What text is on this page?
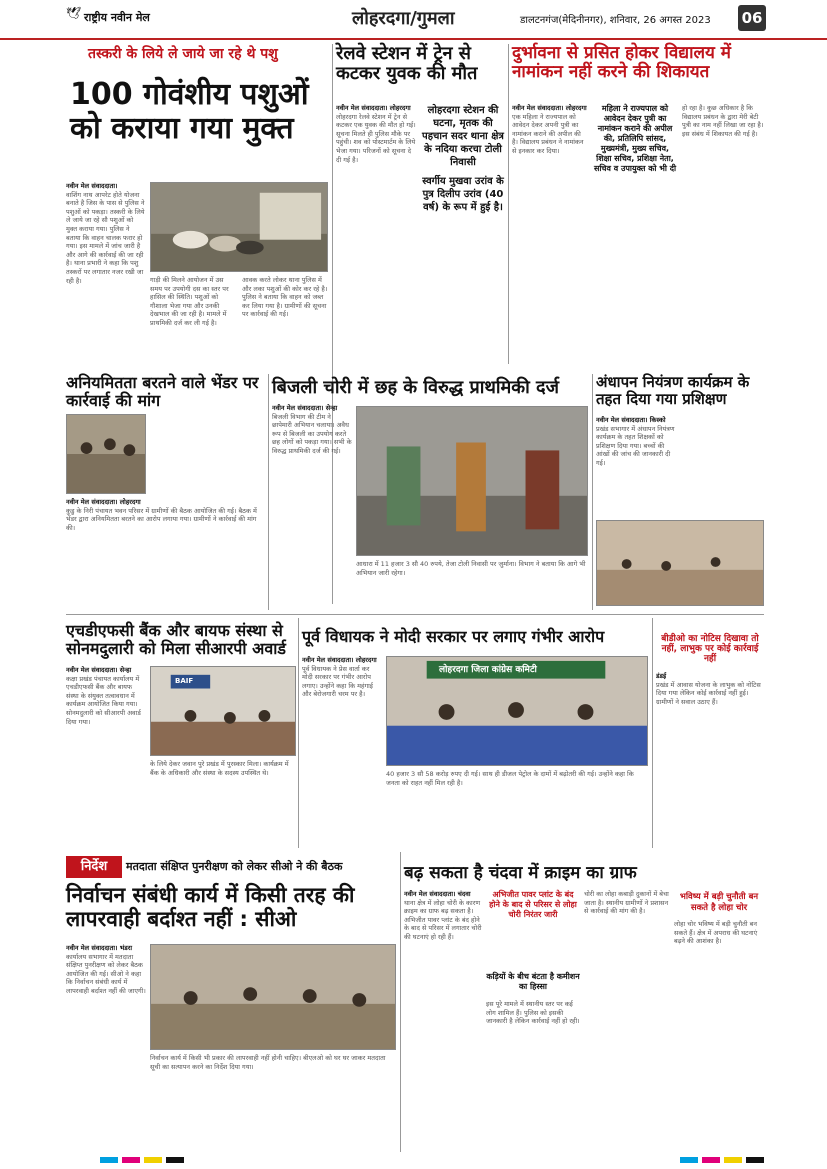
🕊 राष्ट्रीय नवीन मेल	लोहरदगा/गुमला	डालटनगंज(मेदिनीनगर), शनिवार, 26 अगस्त 2023 06
तस्करी के लिये ले जाये जा रहे थे पशु
100 गोवंशीय पशुओं को कराया गया मुक्त
नवीन मेल संवाददाता।
वाशिंग नाथ आपरेट होते योजना बनाते है जिस के पास से पुलिस ने पशुओं को पकड़ा। तस्करी के लिये ले जाये जा रहे सौ पशुओं को मुक्त कराया गया। पुलिस ने बताया कि वाहन चालक फरार हो गया। इस मामले में जांच जारी है और आगे की कार्रवाई की जा रही है। थाना प्रभारी ने कहा कि पशु तस्करों पर लगातार नजर रखी जा रही है।	गाड़ी की मिलने आयोजन में उस समय पर उपयोगी दस का स्तर पर हासिल की स्थिति। पशुओं को गौशाला भेजा गया और उनकी देखभाल की जा रही है। मामले में प्राथमिकी दर्ज कर ली गई है।
आवक करते लोकर थाना पुलिस में और लका पशुओं की कोर कर रहे है। पुलिस ने बताया कि वाहन को जब्त कर लिया गया है। ग्रामीणों की सूचना पर कार्रवाई की गई।
रेलवे स्टेशन में ट्रेन से कटकर युवक की मौत
नवीन मेल संवाददाता। लोहरदगा
लोहरदगा रेलवे स्टेशन में ट्रेन से कटकर एक युवक की मौत हो गई। सूचना मिलते ही पुलिस मौके पर पहुंची। शव को पोस्टमार्टम के लिये भेजा गया। परिजनों को सूचना दे दी गई है।
लोहरदगा स्टेशन की घटना, मृतक की पहचान सदर थाना क्षेत्र के नदिया करचा टोली निवासी
स्वर्गीय मुखवा उरांव के पुत्र दिलीप उरांव (40 वर्ष) के रूप में हुई है।
दुर्भावना से प्रसित होकर विद्यालय में नामांकन नहीं करने की शिकायत
नवीन मेल संवाददाता। लोहरदगा
एक महिला ने राज्यपाल को आवेदन देकर अपनी पुत्री का नामांकन कराने की अपील की है। विद्यालय प्रबंधन ने नामांकन से इनकार कर दिया।
महिला ने राज्यपाल को आवेदन देकर पुत्री का नामांकन कराने की अपील की, प्रतिलिपि सांसद, मुख्यमंत्री, मुख्य सचिव, शिक्षा सचिव, प्रशिक्षा नेता, सचिव व उपायुक्त को भी दी
हो रहा है। कुछ अधिकार है कि विद्यालय प्रबंधन के द्वारा मेरी बेटी पुत्री का नाम नहीं लिखा जा रहा है। इस संबंध में शिकायत की गई है।
अनियमितता बरतने वाले भेंडर पर कार्रवाई की मांग
नवीन मेल संवाददाता। लोहरदगा
कुडु के निरी पंचायत भवन परिसर में ग्रामीणों की बैठक आयोजित की गई। बैठक में भेंडर द्वारा अनियमितता बरतने का आरोप लगाया गया। ग्रामीणों ने कार्रवाई की मांग की।
बिजली चोरी में छह के विरुद्ध प्राथमिकी दर्ज
नवीन मेल संवाददाता। सेन्हा
बिजली विभाग की टीम ने छापेमारी अभियान चलाया। अवैध रूप से बिजली का उपयोग करते छह लोगों को पकड़ा गया। सभी के विरुद्ध प्राथमिकी दर्ज की गई।
आधारा में 11 हजार 3 सौ 40 रुपये, तेजा टोली निवासी पर जुर्माना। विभाग ने बताया कि आगे भी अभियान जारी रहेगा।
अंधापन नियंत्रण कार्यक्रम के तहत दिया गया प्रशिक्षण
नवीन मेल संवाददाता। किस्को
प्रखंड सभागार में अंधापन नियंत्रण कार्यक्रम के तहत शिक्षकों को प्रशिक्षण दिया गया। बच्चों की आंखों की जांच की जानकारी दी गई।
एचडीएफसी बैंक और बायफ संस्था से सोनमदुलारी को मिला सीआरपी अवार्ड
नवीन मेल संवाददाता। सेन्हा
कक्षा प्रखंड पंचायत कार्यालय में एचडीएफसी बैंक और बायफ संस्था के संयुक्त तत्वावधान में कार्यक्रम आयोजित किया गया। सोनमदुलारी को सीआरपी अवार्ड दिया गया।
BAIF
के लिये देकर जवान पुरे प्रखंड में पुरस्कार मिला। कार्यक्रम में बैंक के अधिकारी और संस्था के सदस्य उपस्थित थे।
पूर्व विधायक ने मोदी सरकार पर लगाए गंभीर आरोप
नवीन मेल संवाददाता। लोहरदगा
पूर्व विधायक ने प्रेस वार्ता कर मोदी सरकार पर गंभीर आरोप लगाए। उन्होंने कहा कि महंगाई और बेरोजगारी चरम पर है।
लोहरदगा जिला कांग्रेस कमिटी
40 हजार 3 सौ 58 करोड़ रुपए दी गई। साथ ही डीजल पेट्रोल के दामों में बढ़ोतरी की गई। उन्होंने कहा कि जनता को राहत नहीं मिल रही है।
बीडीओ का नोटिस दिखावा तो नहीं, लाभुक पर कोई कार्रवाई नहीं
डंडई
प्रखंड में आवास योजना के लाभुक को नोटिस दिया गया लेकिन कोई कार्रवाई नहीं हुई। ग्रामीणों ने सवाल उठाए हैं।
निर्देश	मतदाता संक्षिप्त पुनरीक्षण को लेकर सीओ ने की बैठक
निर्वाचन संबंधी कार्य में किसी तरह की लापरवाही बर्दाश्त नहीं : सीओ
नवीन मेल संवाददाता। भंडरा
कार्यालय सभागार में मतदाता संक्षिप्त पुनरीक्षण को लेकर बैठक आयोजित की गई। सीओ ने कहा कि निर्वाचन संबंधी कार्य में लापरवाही बर्दाश्त नहीं की जाएगी।
निर्वाचन कार्य में किसी भी प्रकार की लापरवाही नहीं होनी चाहिए। बीएलओ को घर घर जाकर मतदाता सूची का सत्यापन करने का निर्देश दिया गया।
बढ़ सकता है चंदवा में क्राइम का ग्राफ
नवीन मेल संवाददाता। चंदवा
थाना क्षेत्र में लोहा चोरी के कारण क्राइम का ग्राफ बढ़ सकता है। अभिजीत पावर प्लांट के बंद होने के बाद से परिसर में लगातार चोरी की घटनाएं हो रही हैं।
अभिजीत पावर प्लांट के बंद होने के बाद से परिसर से लोहा चोरी निरंतर जारी
कड़ियों के बीच बंटता है कमीशन का हिस्सा
इस पूरे मामले में स्थानीय स्तर पर कई लोग शामिल हैं। पुलिस को इसकी जानकारी है लेकिन कार्रवाई नहीं हो रही।
चोरी का लोहा कबाड़ी दुकानों में बेचा जाता है। स्थानीय ग्रामीणों ने प्रशासन से कार्रवाई की मांग की है।
भविष्य में बड़ी चुनौती बन सकते है लोहा चोर
लोहा चोर भविष्य में बड़ी चुनौती बन सकते हैं। क्षेत्र में अपराध की घटनाएं बढ़ने की आशंका है।
